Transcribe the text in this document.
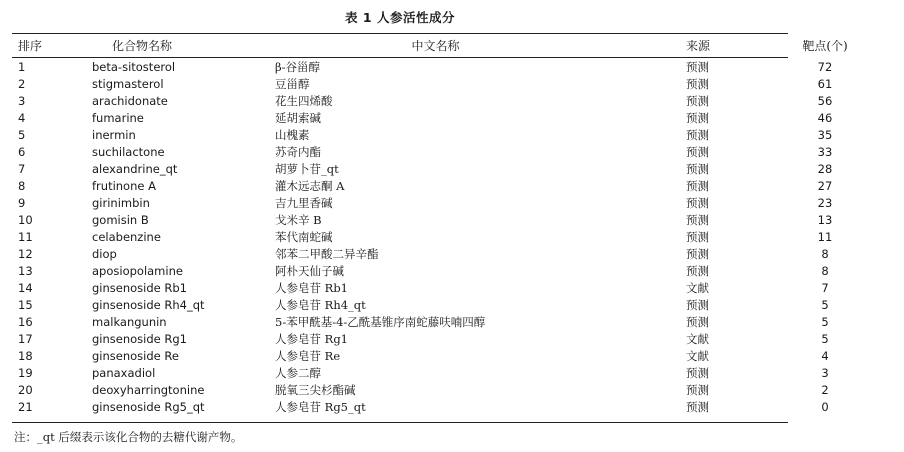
表 1 人参活性成分
排序	化合物名称	中文名称	来源	靶点(个)
1	beta-sitosterol	β-谷甾醇	预测	72
2	stigmasterol	豆甾醇	预测	61
3	arachidonate	花生四烯酸	预测	56
4	fumarine	延胡索碱	预测	46
5	inermin	山槐素	预测	35
6	suchilactone	苏奇内酯	预测	33
7	alexandrine_qt	胡萝卜苷_qt	预测	28
8	frutinone A	灌木远志酮 A	预测	27
9	girinimbin	吉九里香碱	预测	23
10	gomisin B	戈米辛 B	预测	13
11	celabenzine	苯代南蛇碱	预测	11
12	diop	邻苯二甲酸二异辛酯	预测	8
13	aposiopolamine	阿朴天仙子碱	预测	8
14	ginsenoside Rb1	人参皂苷 Rb1	文献	7
15	ginsenoside Rh4_qt	人参皂苷 Rh4_qt	预测	5
16	malkangunin	5-苯甲酰基-4-乙酰基锥序南蛇藤呋喃四醇	预测	5
17	ginsenoside Rg1	人参皂苷 Rg1	文献	5
18	ginsenoside Re	人参皂苷 Re	文献	4
19	panaxadiol	人参二醇	预测	3
20	deoxyharringtonine	脱氧三尖杉酯碱	预测	2
21	ginsenoside Rg5_qt	人参皂苷 Rg5_qt	预测	0
注：_qt 后缀表示该化合物的去糖代谢产物。
